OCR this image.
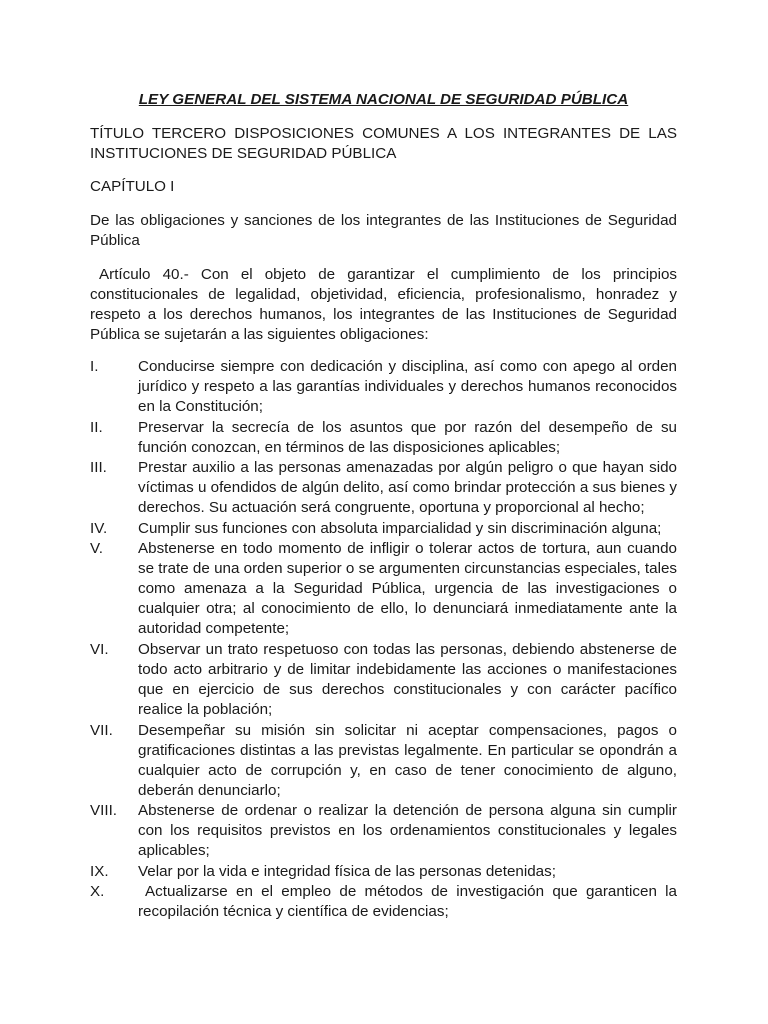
LEY GENERAL DEL SISTEMA NACIONAL DE SEGURIDAD PÚBLICA

TÍTULO TERCERO DISPOSICIONES COMUNES A LOS INTEGRANTES DE LAS INSTITUCIONES DE SEGURIDAD PÚBLICA

CAPÍTULO I

De las obligaciones y sanciones de los integrantes de las Instituciones de Seguridad Pública

Artículo 40.- Con el objeto de garantizar el cumplimiento de los principios constitucionales de legalidad, objetividad, eficiencia, profesionalismo, honradez y respeto a los derechos humanos, los integrantes de las Instituciones de Seguridad Pública se sujetarán a las siguientes obligaciones:

I.	Conducirse siempre con dedicación y disciplina, así como con apego al orden jurídico y respeto a las garantías individuales y derechos humanos reconocidos en la Constitución;
II.	Preservar la secrecía de los asuntos que por razón del desempeño de su función conozcan, en términos de las disposiciones aplicables;
III.	Prestar auxilio a las personas amenazadas por algún peligro o que hayan sido víctimas u ofendidos de algún delito, así como brindar protección a sus bienes y derechos. Su actuación será congruente, oportuna y proporcional al hecho;
IV.	Cumplir sus funciones con absoluta imparcialidad y sin discriminación alguna;
V.	Abstenerse en todo momento de infligir o tolerar actos de tortura, aun cuando se trate de una orden superior o se argumenten circunstancias especiales, tales como amenaza a la Seguridad Pública, urgencia de las investigaciones o cualquier otra; al conocimiento de ello, lo denunciará inmediatamente ante la autoridad competente;
VI.	Observar un trato respetuoso con todas las personas, debiendo abstenerse de todo acto arbitrario y de limitar indebidamente las acciones o manifestaciones que en ejercicio de sus derechos constitucionales y con carácter pacífico realice la población;
VII.	Desempeñar su misión sin solicitar ni aceptar compensaciones, pagos o gratificaciones distintas a las previstas legalmente. En particular se opondrán a cualquier acto de corrupción y, en caso de tener conocimiento de alguno, deberán denunciarlo;
VIII.	Abstenerse de ordenar o realizar la detención de persona alguna sin cumplir con los requisitos previstos en los ordenamientos constitucionales y legales aplicables;
IX.	Velar por la vida e integridad física de las personas detenidas;
X.	Actualizarse en el empleo de métodos de investigación que garanticen la recopilación técnica y científica de evidencias;
